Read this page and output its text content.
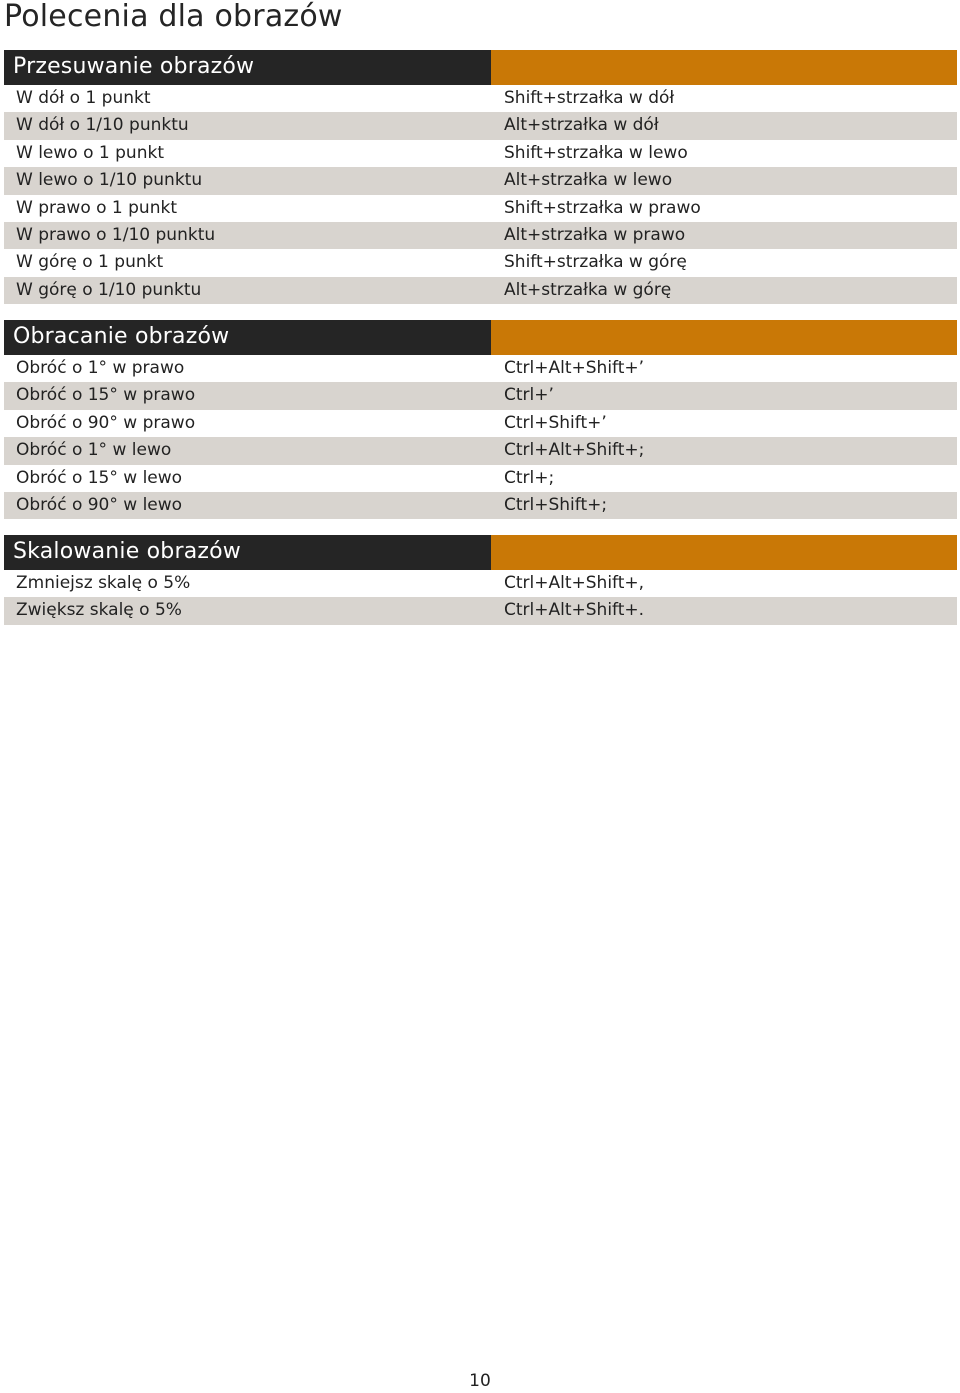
Polecenia dla obrazów
Przesuwanie obrazów
W dół o 1 punkt	Shift+strzałka w dół
W dół o 1/10 punktu	Alt+strzałka w dół
W lewo o 1 punkt	Shift+strzałka w lewo
W lewo o 1/10 punktu	Alt+strzałka w lewo
W prawo o 1 punkt	Shift+strzałka w prawo
W prawo o 1/10 punktu	Alt+strzałka w prawo
W górę o 1 punkt	Shift+strzałka w górę
W górę o 1/10 punktu	Alt+strzałka w górę
Obracanie obrazów
Obróć o 1° w prawo	Ctrl+Alt+Shift+’
Obróć o 15° w prawo	Ctrl+’
Obróć o 90° w prawo	Ctrl+Shift+’
Obróć o 1° w lewo	Ctrl+Alt+Shift+;
Obróć o 15° w lewo	Ctrl+;
Obróć o 90° w lewo	Ctrl+Shift+;
Skalowanie obrazów
Zmniejsz skalę o 5%	Ctrl+Alt+Shift+,
Zwiększ skalę o 5%	Ctrl+Alt+Shift+.
10
